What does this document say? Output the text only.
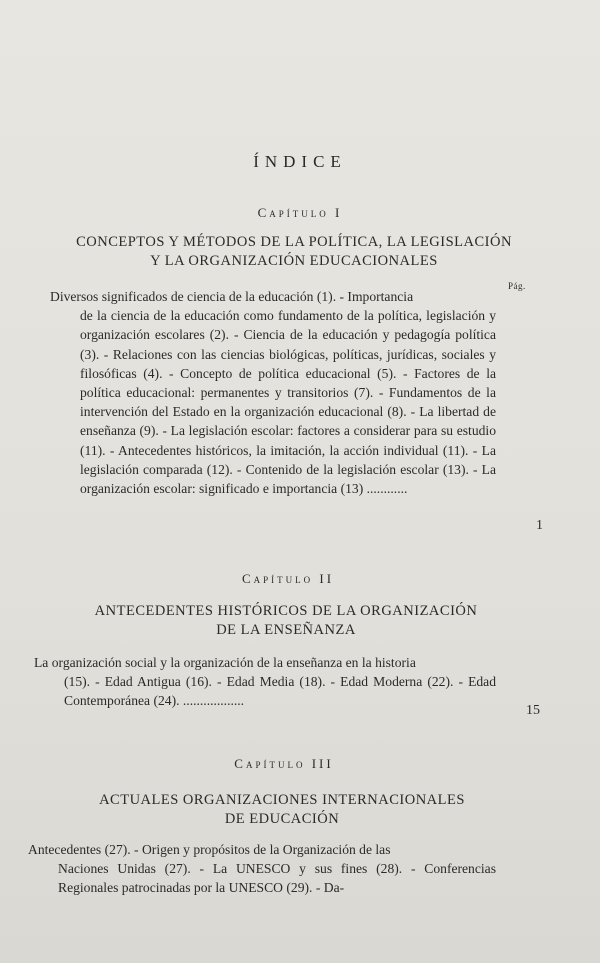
ÍNDICE
Capítulo I
CONCEPTOS Y MÉTODOS DE LA POLÍTICA, LA LEGISLACIÓN
Y LA ORGANIZACIÓN EDUCACIONALES
Pág.
Diversos significados de ciencia de la educación (1). - Importancia
de la ciencia de la educación como fundamento de la política, legislación y organización escolares (2). - Ciencia de la educación y pedagogía política (3). - Relaciones con las ciencias biológicas, políticas, jurídicas, sociales y filosóficas (4). - Concepto de política educacional (5). - Factores de la política educacional: permanentes y transitorios (7). - Fundamentos de la intervención del Estado en la organización educacional (8). - La libertad de enseñanza (9). - La legislación escolar: factores a considerar para su estudio (11). - Antecedentes históricos, la imitación, la acción individual (11). - La legislación comparada (12). - Contenido de la legislación escolar (13). - La organización escolar: significado e importancia (13) ............
1
Capítulo II
ANTECEDENTES HISTÓRICOS DE LA ORGANIZACIÓN
DE LA ENSEÑANZA
La organización social y la organización de la enseñanza en la historia
(15). - Edad Antigua (16). - Edad Media (18). - Edad Moderna (22). - Edad Contemporánea (24). ..................
15
Capítulo III
ACTUALES ORGANIZACIONES INTERNACIONALES
DE EDUCACIÓN
Antecedentes (27). - Origen y propósitos de la Organización de las
Naciones Unidas (27). - La UNESCO y sus fines (28). - Conferencias Regionales patrocinadas por la UNESCO (29). - Da-
